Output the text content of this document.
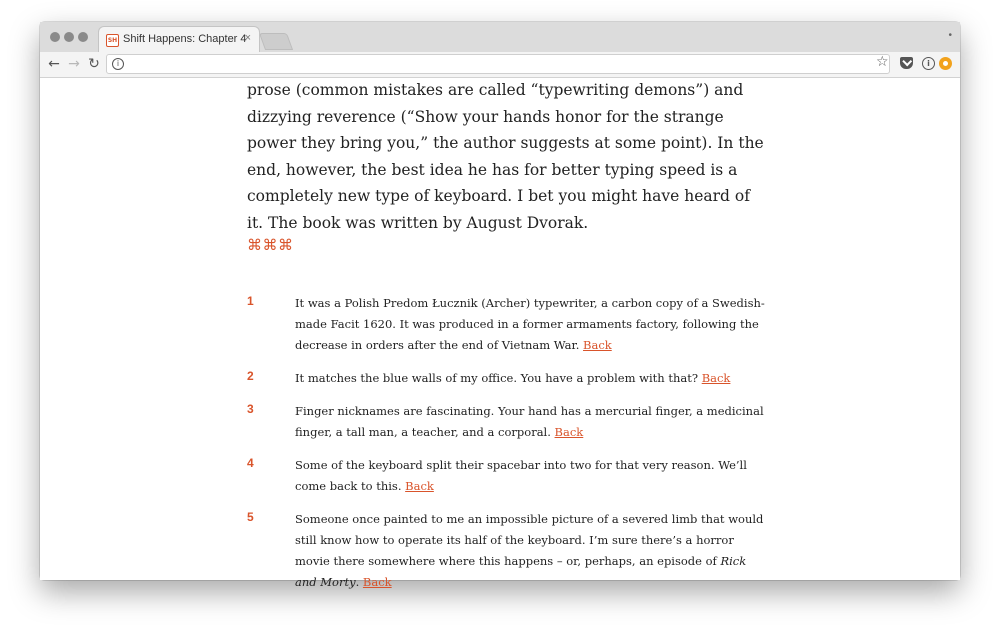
SH Shift Happens: Chapter 4
×	•
← → ↻	i	☆	i

prose (common mistakes are called “typewriting demons”) and dizzying reverence (“Show your hands honor for the strange power they bring you,” the author suggests at some point). In the end, however, the best idea he has for better typing speed is a completely new type of keyboard. I bet you might have heard of it. The book was written by August Dvorak.

⌘⌘⌘
1	It was a Polish Predom Łucznik (Archer) typewriter, a carbon copy of a Swedish-made Facit 1620. It was produced in a former armaments factory, following the decrease in orders after the end of Vietnam War. Back
2	It matches the blue walls of my office. You have a problem with that? Back
3	Finger nicknames are fascinating. Your hand has a mercurial finger, a medicinal finger, a tall man, a teacher, and a corporal. Back
4	Some of the keyboard split their spacebar into two for that very reason. We’ll come back to this. Back
5	Someone once painted to me an impossible picture of a severed limb that would still know how to operate its half of the keyboard. I’m sure there’s a horror movie there somewhere where this happens – or, perhaps, an episode of Rick and Morty. Back
